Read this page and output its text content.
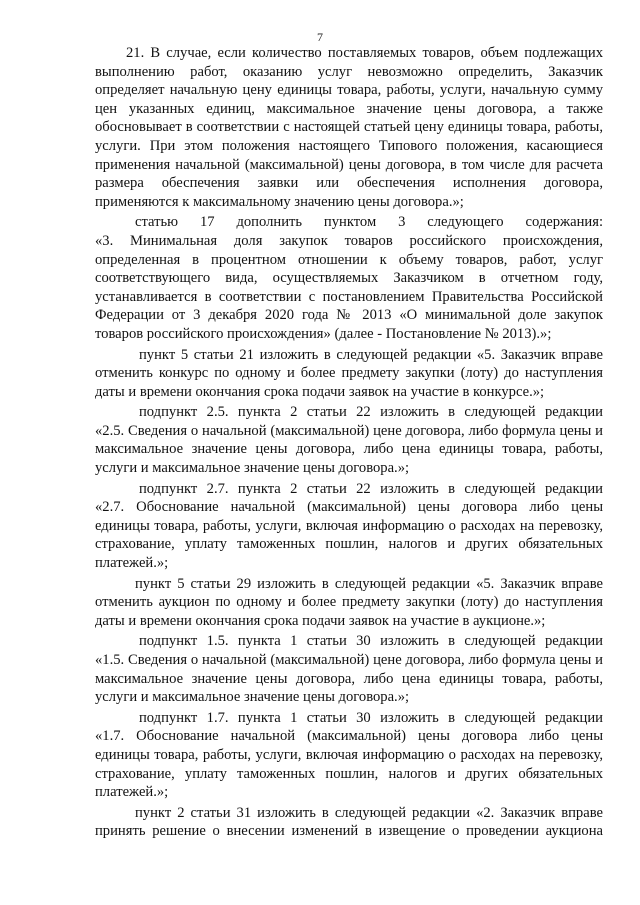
7

21. В случае, если количество поставляемых товаров, объем подлежащих выполнению работ, оказанию услуг невозможно определить, Заказчик определяет начальную цену единицы товара, работы, услуги, начальную сумму цен указанных единиц, максимальное значение цены договора, а также обосновывает в соответствии с настоящей статьей цену единицы товара, работы, услуги. При этом положения настоящего Типового положения, касающиеся применения начальной (максимальной) цены договора, в том числе для расчета размера обеспечения заявки или обеспечения исполнения договора, применяются к максимальному значению цены договора.»;

статью 17 дополнить пунктом 3 следующего содержания:

«3. Минимальная доля закупок товаров российского происхождения, определенная в процентном отношении к объему товаров, работ, услуг соответствующего вида, осуществляемых Заказчиком в отчетном году, устанавливается в соответствии с постановлением Правительства Российской Федерации от 3 декабря 2020 года № 2013 «О минимальной доле закупок товаров российского происхождения» (далее - Постановление № 2013).»;

пункт 5 статьи 21 изложить в следующей редакции «5. Заказчик вправе отменить конкурс по одному и более предмету закупки (лоту) до наступления даты и времени окончания срока подачи заявок на участие в конкурсе.»;

подпункт 2.5. пункта 2 статьи 22 изложить в следующей редакции

«2.5. Сведения о начальной (максимальной) цене договора, либо формула цены и максимальное значение цены договора, либо цена единицы товара, работы, услуги и максимальное значение цены договора.»;

подпункт 2.7. пункта 2 статьи 22 изложить в следующей редакции

«2.7. Обоснование начальной (максимальной) цены договора либо цены единицы товара, работы, услуги, включая информацию о расходах на перевозку, страхование, уплату таможенных пошлин, налогов и других обязательных платежей.»;

пункт 5 статьи 29 изложить в следующей редакции «5. Заказчик вправе отменить аукцион по одному и более предмету закупки (лоту) до наступления даты и времени окончания срока подачи заявок на участие в аукционе.»;

подпункт 1.5. пункта 1 статьи 30 изложить в следующей редакции

«1.5. Сведения о начальной (максимальной) цене договора, либо формула цены и максимальное значение цены договора, либо цена единицы товара, работы, услуги и максимальное значение цены договора.»;

подпункт 1.7. пункта 1 статьи 30 изложить в следующей редакции

«1.7. Обоснование начальной (максимальной) цены договора либо цены единицы товара, работы, услуги, включая информацию о расходах на перевозку, страхование, уплату таможенных пошлин, налогов и других обязательных платежей.»;

пункт 2 статьи 31 изложить в следующей редакции «2. Заказчик вправе принять решение о внесении изменений в извещение о проведении аукциона
